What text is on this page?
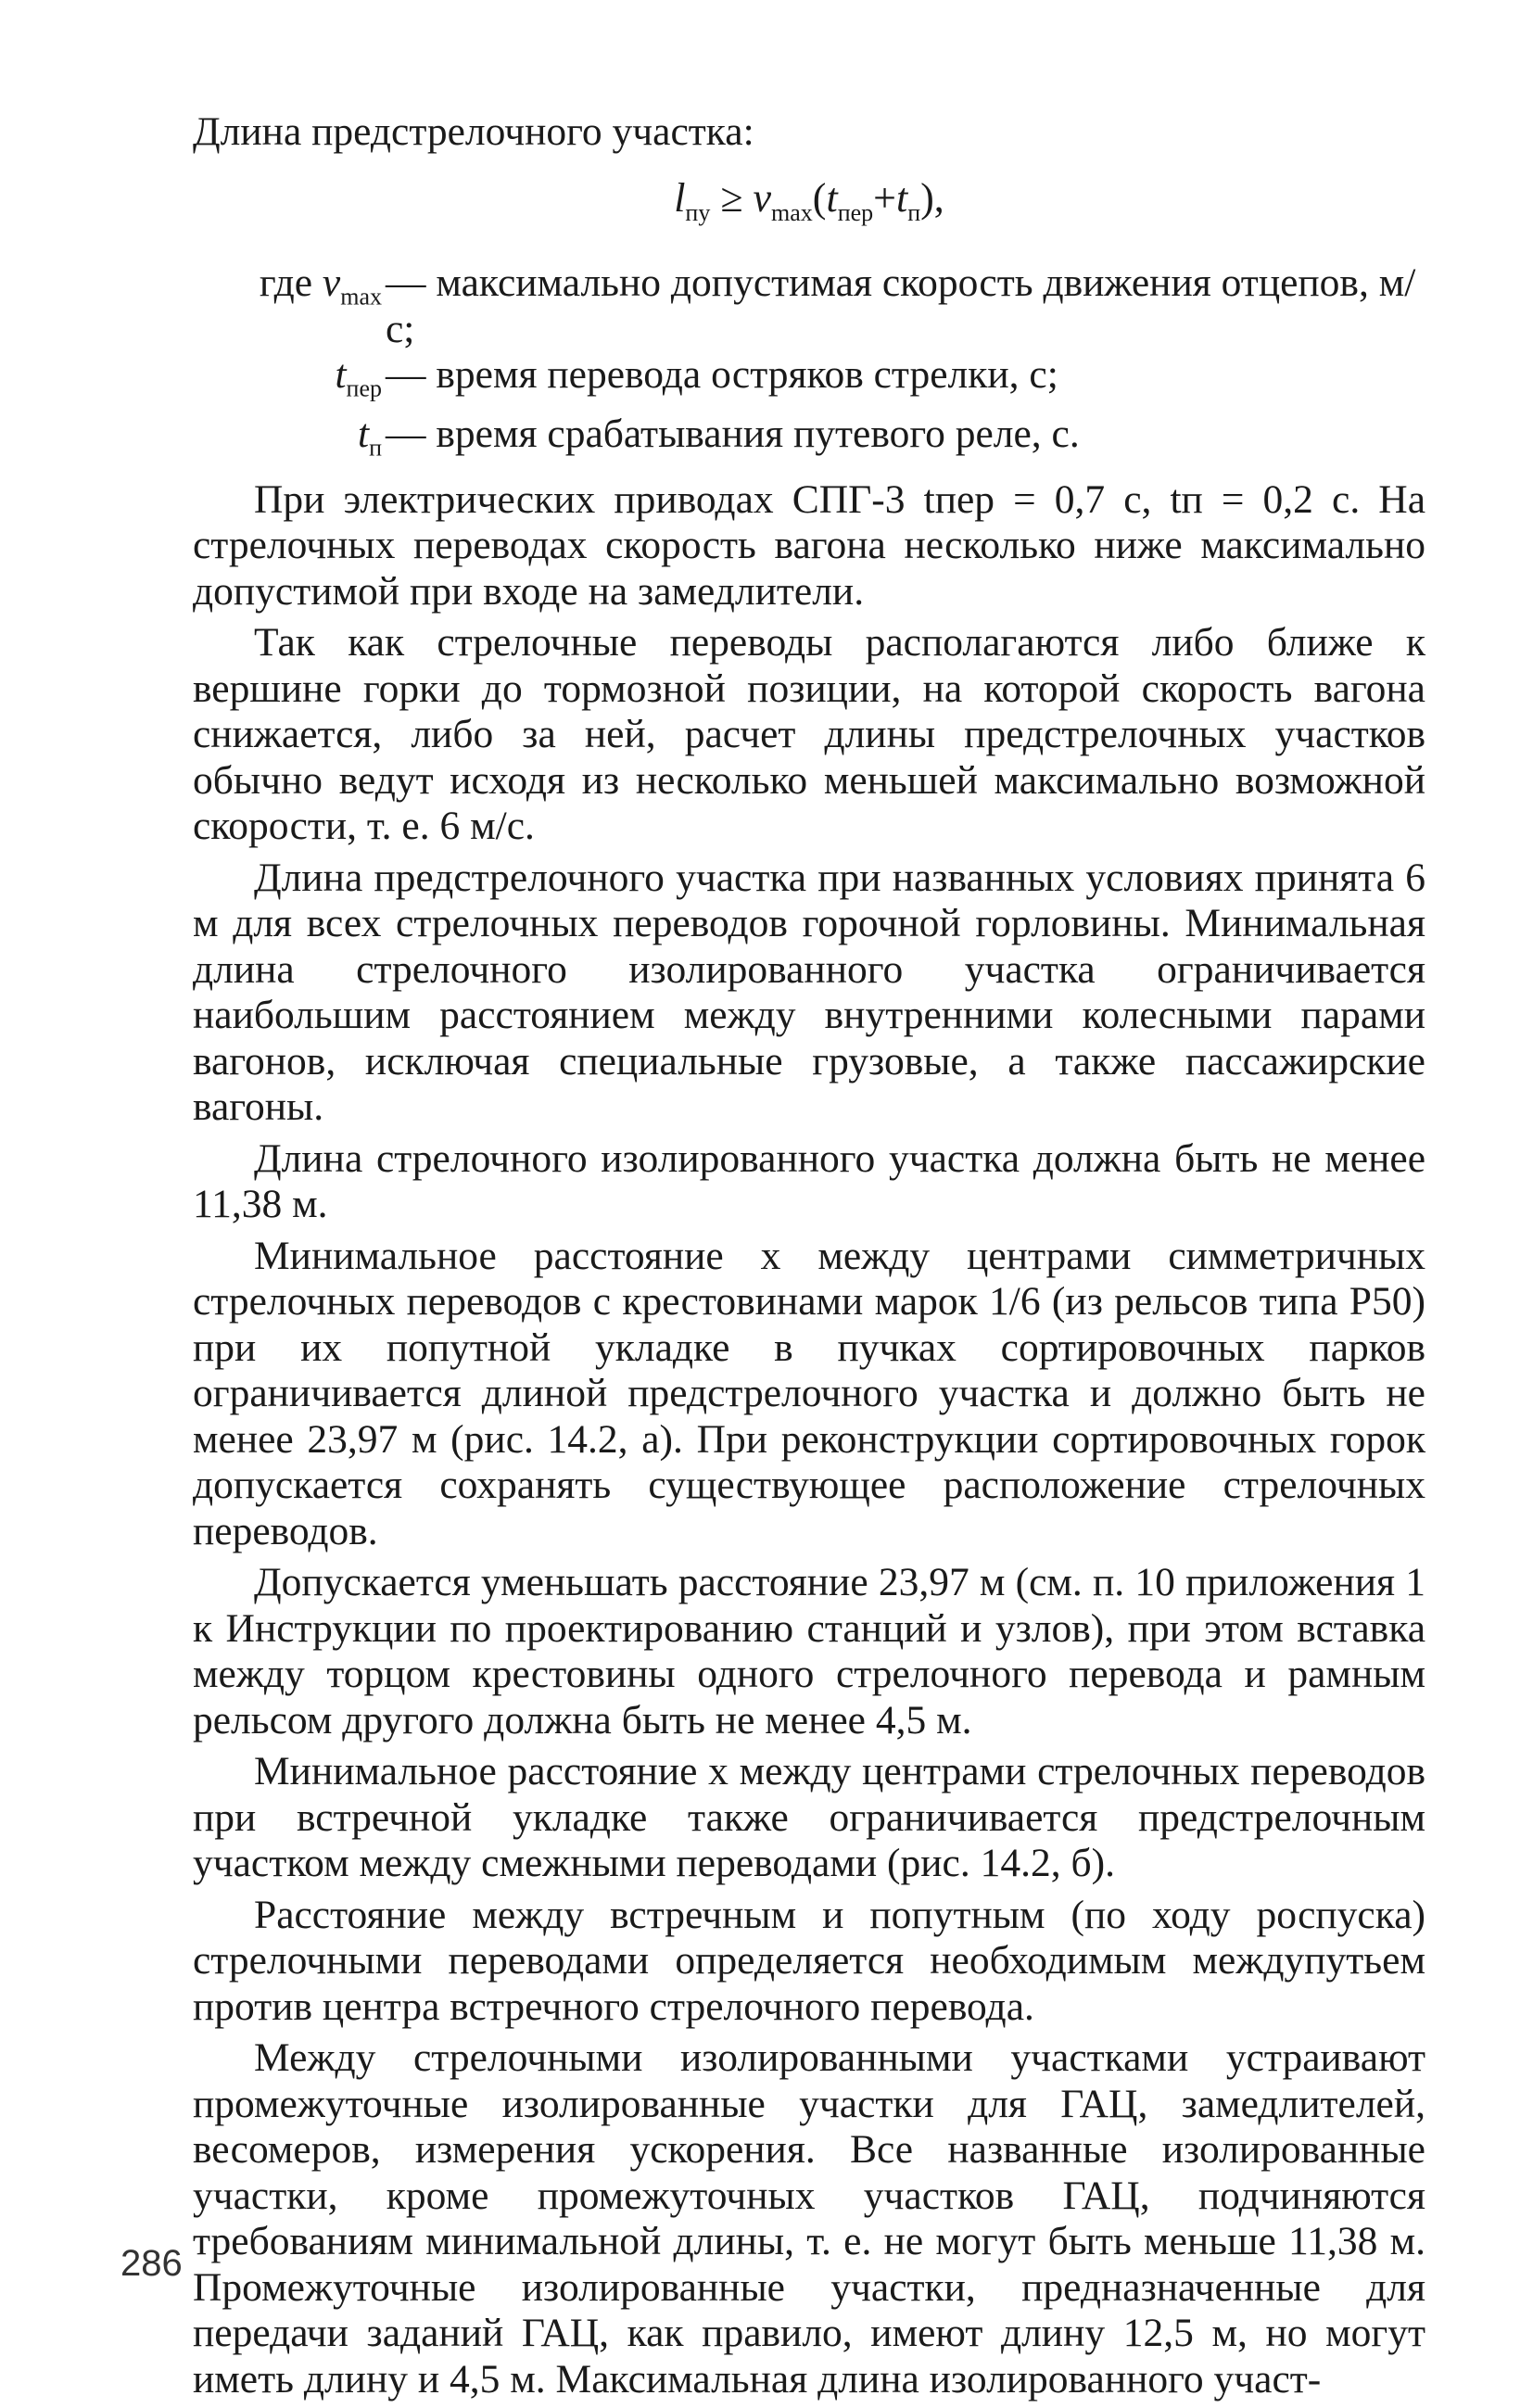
Длина предстрелочного участка:

$l_{пу} \ge v_{max}(t_{пер}+t_п)$,
где $v_{max}$ — максимально допустимая скорость движения отцепов, м/с;
$t_{пер}$ — время перевода остряков стрелки, с;
$t_п$ — время срабатывания путевого реле, с.

При электрических приводах СПГ-3 tпер = 0,7 с, tп = 0,2 с. На стрелочных переводах скорость вагона несколько ниже максимально допустимой при входе на замедлители.

Так как стрелочные переводы располагаются либо ближе к вершине горки до тормозной позиции, на которой скорость вагона снижается, либо за ней, расчет длины предстрелочных участков обычно ведут исходя из несколько меньшей максимально возможной скорости, т. е. 6 м/с.

Длина предстрелочного участка при названных условиях принята 6 м для всех стрелочных переводов горочной горловины. Минимальная длина стрелочного изолированного участка ограничивается наибольшим расстоянием между внутренними колесными парами вагонов, исключая специальные грузовые, а также пассажирские вагоны.

Длина стрелочного изолированного участка должна быть не менее 11,38 м.

Минимальное расстояние x между центрами симметричных стрелочных переводов с крестовинами марок 1/6 (из рельсов типа Р50) при их попутной укладке в пучках сортировочных парков ограничивается длиной предстрелочного участка и должно быть не менее 23,97 м (рис. 14.2, а). При реконструкции сортировочных горок допускается сохранять существующее расположение стрелочных переводов.

Допускается уменьшать расстояние 23,97 м (см. п. 10 приложения 1 к Инструкции по проектированию станций и узлов), при этом вставка между торцом крестовины одного стрелочного перевода и рамным рельсом другого должна быть не менее 4,5 м.

Минимальное расстояние x между центрами стрелочных переводов при встречной укладке также ограничивается предстрелочным участком между смежными переводами (рис. 14.2, б).

Расстояние между встречным и попутным (по ходу роспуска) стрелочными переводами определяется необходимым междупутьем против центра встречного стрелочного перевода.

Между стрелочными изолированными участками устраивают промежуточные изолированные участки для ГАЦ, замедлителей, весомеров, измерения ускорения. Все названные изолированные участки, кроме промежуточных участков ГАЦ, подчиняются требованиям минимальной длины, т. е. не могут быть меньше 11,38 м. Промежуточные изолированные участки, предназначенные для передачи заданий ГАЦ, как правило, имеют длину 12,5 м, но могут иметь длину и 4,5 м. Максимальная длина изолированного участ-

286
